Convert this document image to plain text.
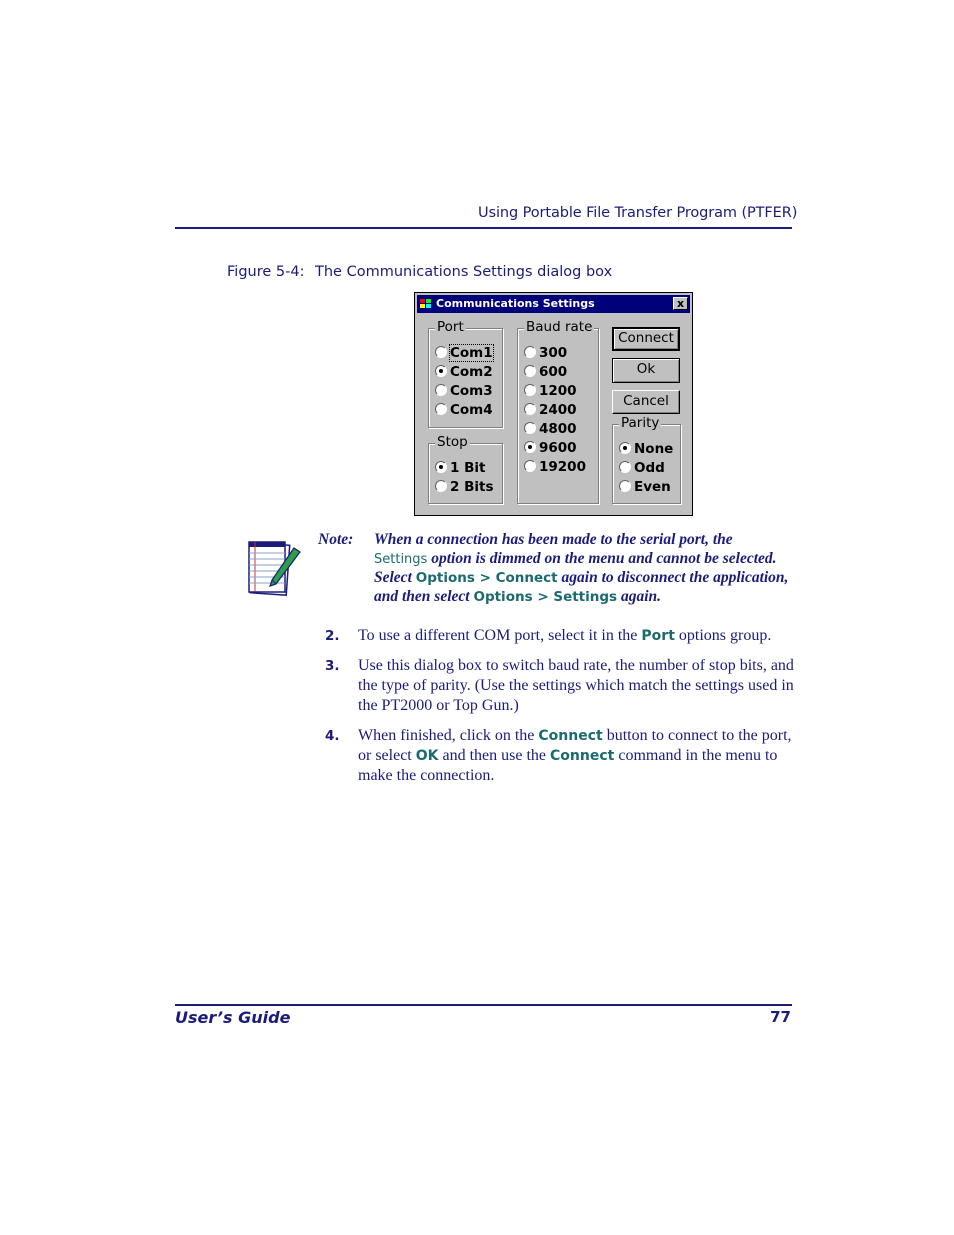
Using Portable File Transfer Program (PTFER)
Figure 5-4: The Communications Settings dialog box
Communications Settings	x
Port
Com1
Com2
Com3
Com4
Stop
1 Bit
2 Bits
Baud rate
300
600
1200
2400
4800
9600
19200
Connect
Ok
Cancel
Parity
None
Odd
Even
Note: When a connection has been made to the serial port, the
Settings option is dimmed on the menu and cannot be selected. Select Options > Connect again to disconnect the application, and then select Options > Settings again.
2. To use a different COM port, select it in the Port options group.
3. Use this dialog box to switch baud rate, the number of stop bits, and the type of parity. (Use the settings which match the settings used in the PT2000 or Top Gun.)
4. When finished, click on the Connect button to connect to the port, or select OK and then use the Connect command in the menu to make the connection.
User’s Guide	77
